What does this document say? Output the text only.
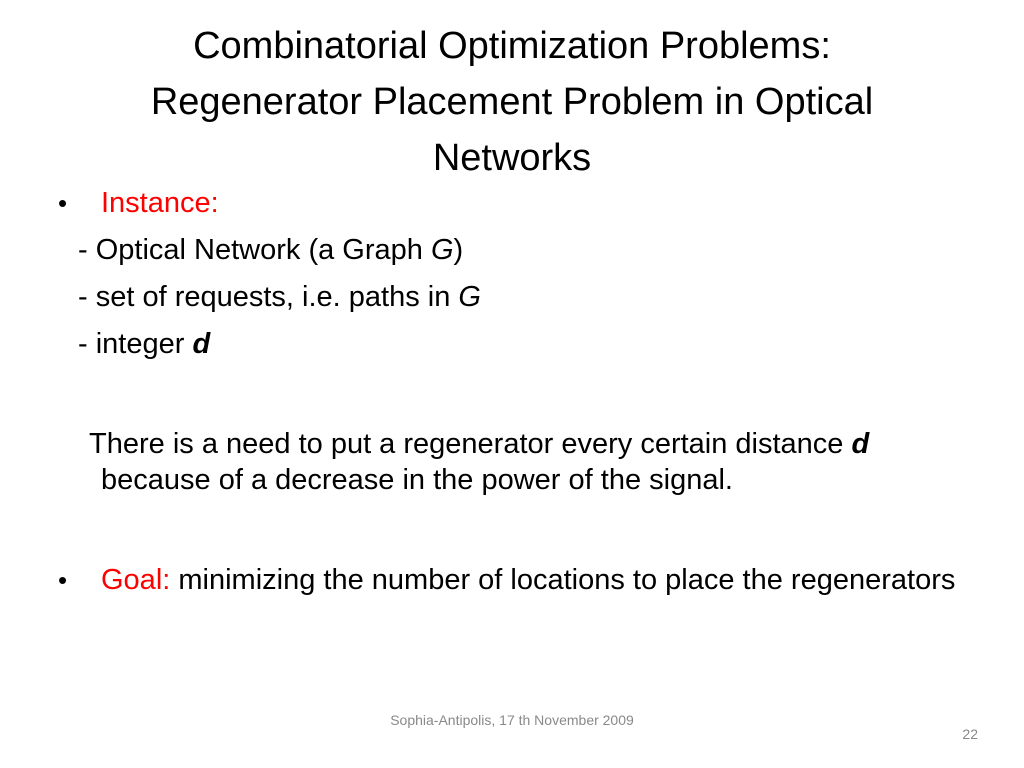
Combinatorial Optimization Problems:
Regenerator Placement Problem in Optical
Networks
• Instance:
- Optical Network (a Graph G)
- set of requests, i.e. paths in G
- integer d
There is a need to put a regenerator every certain distance d because of a decrease in the power of the signal.
• Goal: minimizing the number of locations to place the regenerators
Sophia-Antipolis, 17 th November 2009
22
